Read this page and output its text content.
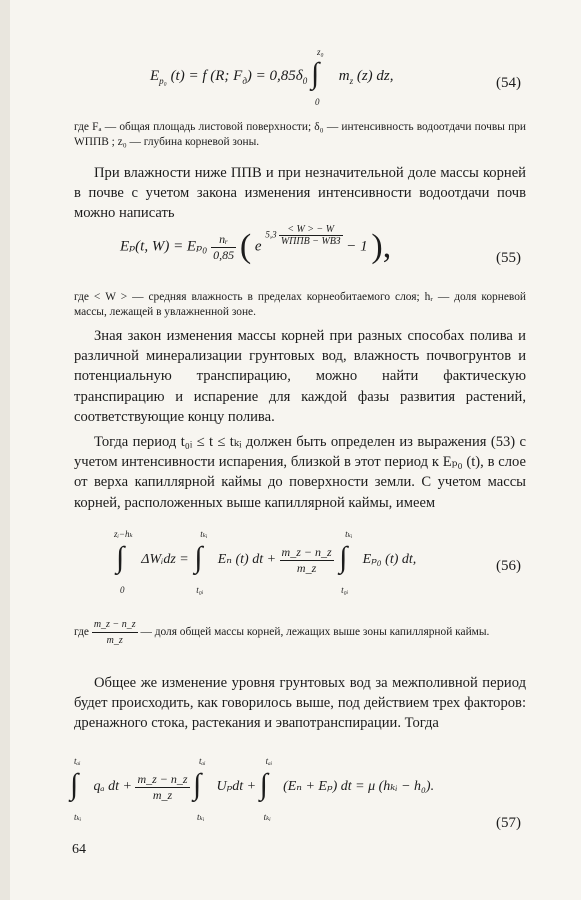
$E_{p_0}$ (t) = f (R; $F_д) = 0,85\delta_0$
z₀
∫
0
$m_z$ (z) dz,	(54)

где Fₐ — общая площадь листовой поверхности; δ₀ — интенсивность водоотдачи почвы при WППВ ; z₀ — глубина корневой зоны.

При влажности ниже ППВ и при незначительной доле массы корней в почве с учетом закона изменения интенсивности водоотдачи почв можно написать

Eₚ(t, $W) = E_{p0} \frac{\text{nᵣ}}{0,85}$ ( e $5,3 \frac{< W > - W}{\text{WППВ − WВЗ}} - 1$ ),	(55)

где < W > — средняя влажность в пределах корнеобитаемого слоя; hᵣ — доля корневой массы, лежащей в увлажненной зоне.

Зная закон изменения массы корней при разных способах полива и различной минерализации грунтовых вод, влажность почвогрунтов и потенциальную транспирацию, можно найти фактическую транспирацию и испарение для каждой фазы развития растений, соответствующие концу полива.

Тогда период t₀ᵢ ≤ t ≤ tₖᵢ должен быть определен из выражения (53) с учетом интенсивности испарения, близкой в этот период к Eₚ₀ (t), в слое от верха капиллярной каймы до поверхности земли. С учетом массы корней, расположенных выше капиллярной каймы, имеем

zᵢ−hₖ
∫
0
ΔWᵢdz =
tₖᵢ
∫
t₀ᵢ
Eₙ (t) dt + $\frac{m\_z - n\_z}{m\_z}$

tₖᵢ
∫
t₀ᵢ
Eₚ₀ (t) dt,	(56)

где $\frac{m\_z - n\_z}{m\_z}$ — доля общей массы корней, лежащих выше зоны капиллярной каймы.

Общее же изменение уровня грунтовых вод за межполивной период будет происходить, как говорилось выше, под действием трех факторов: дренажного стока, растекания и эвапотранспирации. Тогда

tₐᵢ
∫
tₖᵢ
qₐ dt + $\frac{m\_z - n\_z}{m\_z}$

tₐᵢ
∫
tₖᵢ
Uₚdt +
tₐᵢ
∫
tₖᵢ
(Eₙ + Eₚ) dt = μ (hₖᵢ − h₀).
(57)
64
